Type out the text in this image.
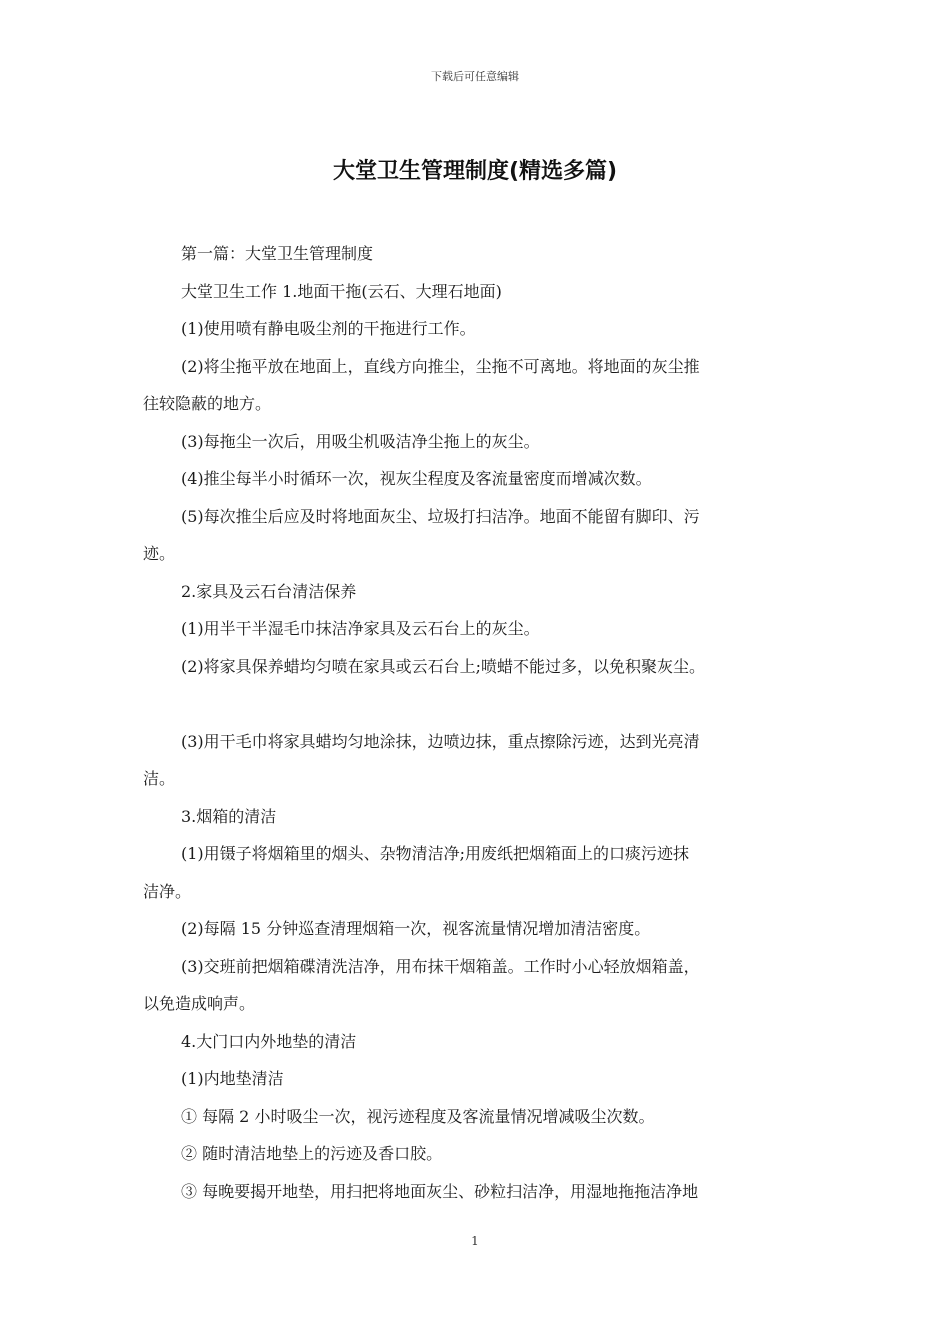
下载后可任意编辑
大堂卫生管理制度(精选多篇)

第一篇：大堂卫生管理制度

大堂卫生工作 1.地面干拖(云石、大理石地面)

(1)使用喷有静电吸尘剂的干拖进行工作。

(2)将尘拖平放在地面上，直线方向推尘，尘拖不可离地。将地面的灰尘推

往较隐蔽的地方。

(3)每拖尘一次后，用吸尘机吸洁净尘拖上的灰尘。

(4)推尘每半小时循环一次，视灰尘程度及客流量密度而增减次数。

(5)每次推尘后应及时将地面灰尘、垃圾打扫洁净。地面不能留有脚印、污

迹。

2.家具及云石台清洁保养

(1)用半干半湿毛巾抹洁净家具及云石台上的灰尘。

(2)将家具保养蜡均匀喷在家具或云石台上;喷蜡不能过多，以免积聚灰尘。

(3)用干毛巾将家具蜡均匀地涂抹，边喷边抹，重点擦除污迹，达到光亮清

洁。

3.烟箱的清洁

(1)用镊子将烟箱里的烟头、杂物清洁净;用废纸把烟箱面上的口痰污迹抹

洁净。

(2)每隔 15 分钟巡查清理烟箱一次，视客流量情况增加清洁密度。

(3)交班前把烟箱碟清洗洁净，用布抹干烟箱盖。工作时小心轻放烟箱盖，

以免造成响声。

4.大门口内外地垫的清洁

(1)内地垫清洁

① 每隔 2 小时吸尘一次，视污迹程度及客流量情况增减吸尘次数。

② 随时清洁地垫上的污迹及香口胶。

③ 每晚要揭开地垫，用扫把将地面灰尘、砂粒扫洁净，用湿地拖拖洁净地

1
